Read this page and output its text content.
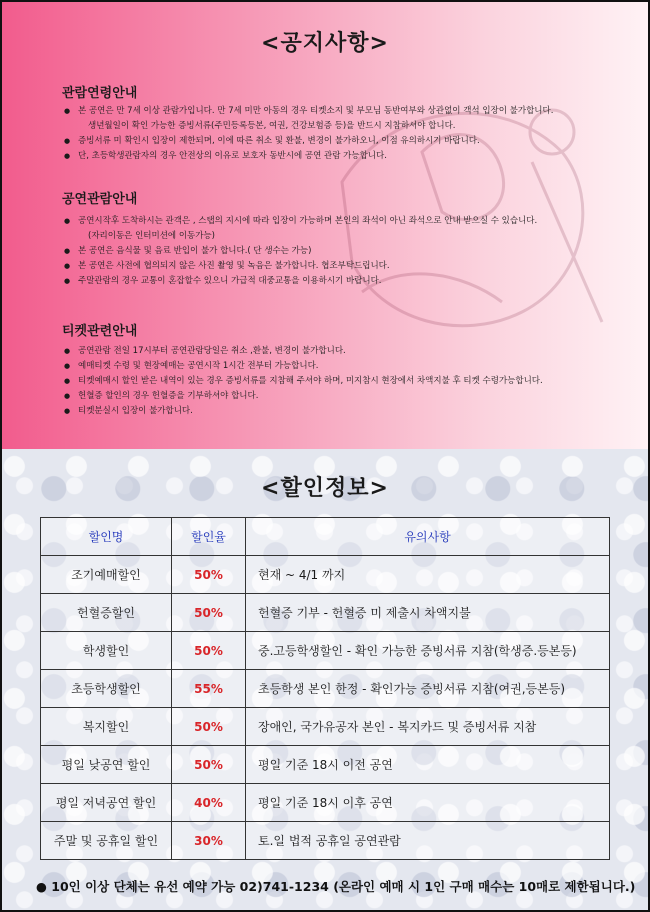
<공지사항>
관람연령안내
● 본 공연은 만 7세 이상 관람가입니다. 만 7세 미만 아동의 경우 티켓소지 및 부모님 동반여부와 상관없이 객석 입장이 불가합니다.
생년월일이 확인 가능한 증빙서류(주민등록등본, 여권, 건강보험증 등)을 반드시 지참하셔야 합니다.
● 증빙서류 미 확인시 입장이 제한되며, 이에 따른 취소 및 환불, 변경이 불가하오니, 이점 유의하시기 바랍니다.
● 단, 초등학생관람자의 경우 안전상의 이유로 보호자 동반시에 공연 관람 가능합니다.
공연관람안내
● 공연시작후 도착하시는 관객은 , 스탭의 지시에 따라 입장이 가능하며 본인의 좌석이 아닌 좌석으로 안내 받으실 수 있습니다.
(자리이동은 인터미션에 이동가능)
● 본 공연은 음식물 및 음료 반입이 불가 합니다.( 단 생수는 가능)
● 본 공연은 사전에 협의되지 않은 사진 촬영 및 녹음은 불가합니다. 협조부탁드립니다.
● 주말관람의 경우 교통이 혼잡할수 있으니 가급적 대중교통을 이용하시기 바랍니다.
티켓관련안내
● 공연관람 전일 17시부터 공연관람당일은 취소 ,환불, 변경이 불가합니다.
● 예매티켓 수령 및 현장예매는 공연시작 1시간 전부터 가능합니다.
● 티켓예매시 할인 받은 내역이 있는 경우 증빙서류를 지참해 주셔야 하며, 미지참시 현장에서 차액지불 후 티켓 수령가능합니다.
● 헌혈증 할인의 경우 헌혈증을 기부하셔야 합니다.
● 티켓분실시 입장이 불가합니다.
<할인정보>
할인명	할인율	유의사항
조기예매할인	50%	현재 ~ 4/1 까지
헌혈증할인	50%	헌혈증 기부 - 헌혈증 미 제출시 차액지불
학생할인	50%	중.고등학생할인 - 확인 가능한 증빙서류 지참(학생증.등본등)
초등학생할인	55%	초등학생 본인 한정 - 확인가능 증빙서류 지참(여권,등본등)
복지할인	50%	장애인, 국가유공자 본인 - 복지카드 및 증빙서류 지참
평일 낮공연 할인	50%	평일 기준 18시 이전 공연
평일 저녁공연 할인	40%	평일 기준 18시 이후 공연
주말 및 공휴일 할인	30%	토.일 법적 공휴일 공연관람
● 10인 이상 단체는 유선 예약 가능 02)741-1234 (온라인 예매 시 1인 구매 매수는 10매로 제한됩니다.)
